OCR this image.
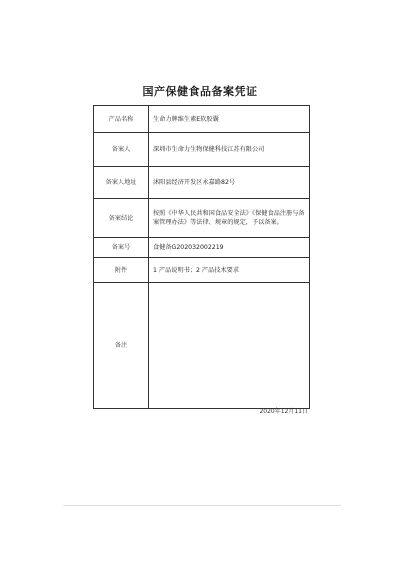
国产保健食品备案凭证
产品名称	生命力牌维生素E软胶囊
备案人	深圳市生命力生物保健科技江苏有限公司
备案人地址	沭阳县经济开发区永嘉路82号
备案结论	按照《中华人民共和国食品安全法》《保健食品注册与备案管理办法》等法律、规章的规定，予以备案。
备案号	食健备G202032002219
附件	1 产品说明书；2 产品技术要求
备注	
2020年12月11日
